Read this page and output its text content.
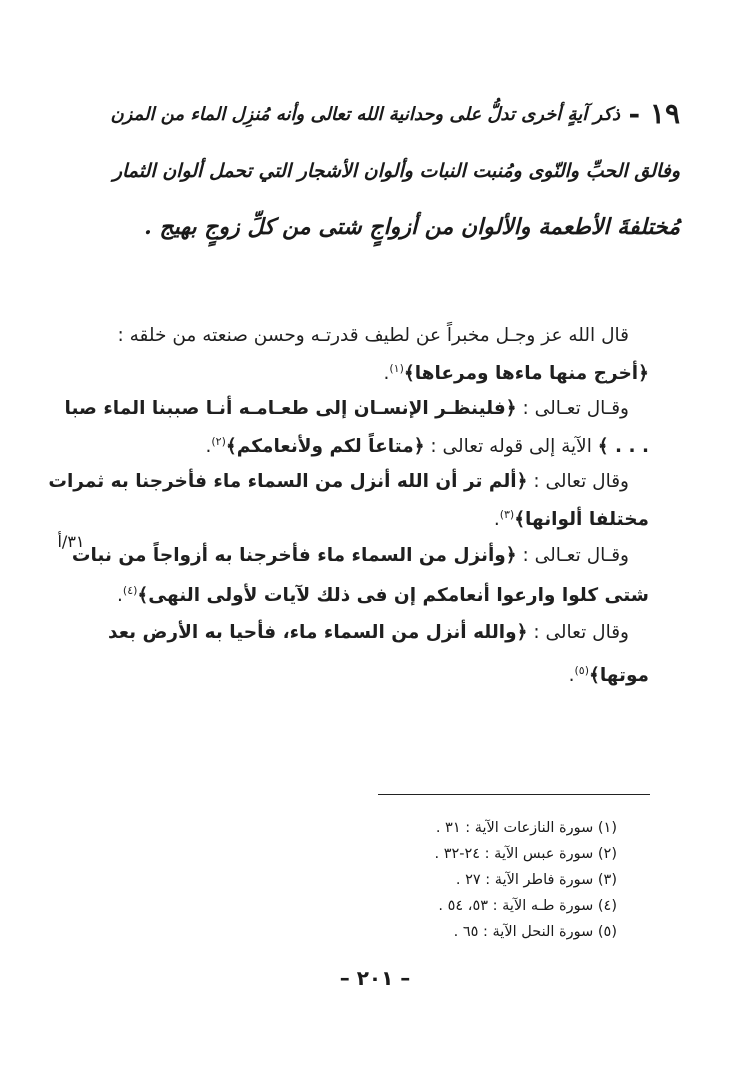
١٩ -
ذكر آيةٍ أخرى تدلُّ على وحدانية الله تعالى وأنه مُنزِل الماء من المزن
وفالق الحبِّ والنّوى ومُنبت النبات وألوان الأشجار التي تحمل ألوان الثمار
مُختلفةَ الأطعمة والألوان من أزواجٍ شتى من كلِّ زوجٍ بهيج .
قال الله عز وجـل مخبراً عن لطيف قدرتـه وحسن صنعته من خلقه :
﴿أخرج منها ماءها ومرعاها﴾$^{(١)}$.
وقـال تعـالى : ﴿فلينظـر الإنسـان إلى طعـامـه أنـا صببنا الماء صبا
. . . ﴾ الآية إلى قوله تعالى : ﴿متاعاً لكم ولأنعامكم﴾$^{(٢)}$.
وقال تعالى : ﴿ألم تر أن الله أنزل من السماء ماء فأخرجنا به ثمرات
مختلفا ألوانها﴾$^{(٣)}$.
٣١/أ
وقـال تعـالى : ﴿وأنزل من السماء ماء فأخرجنا به أزواجاً من نبات
شتى كلوا وارعوا أنعامكم إن فى ذلك لآيات لأولى النهى﴾$^{(٤)}$.
وقال تعالى : ﴿والله أنزل من السماء ماء، فأحيا به الأرض بعد
موتها﴾$^{(٥)}$.
(١) سورة النازعات الآية : ٣١ .
(٢) سورة عبس الآية : ٢٤-٣٢ .
(٣) سورة فاطر الآية : ٢٧ .
(٤) سورة طـه الآية : ٥٣، ٥٤ .
(٥) سورة النحل الآية : ٦٥ .
– ٢٠١ –
